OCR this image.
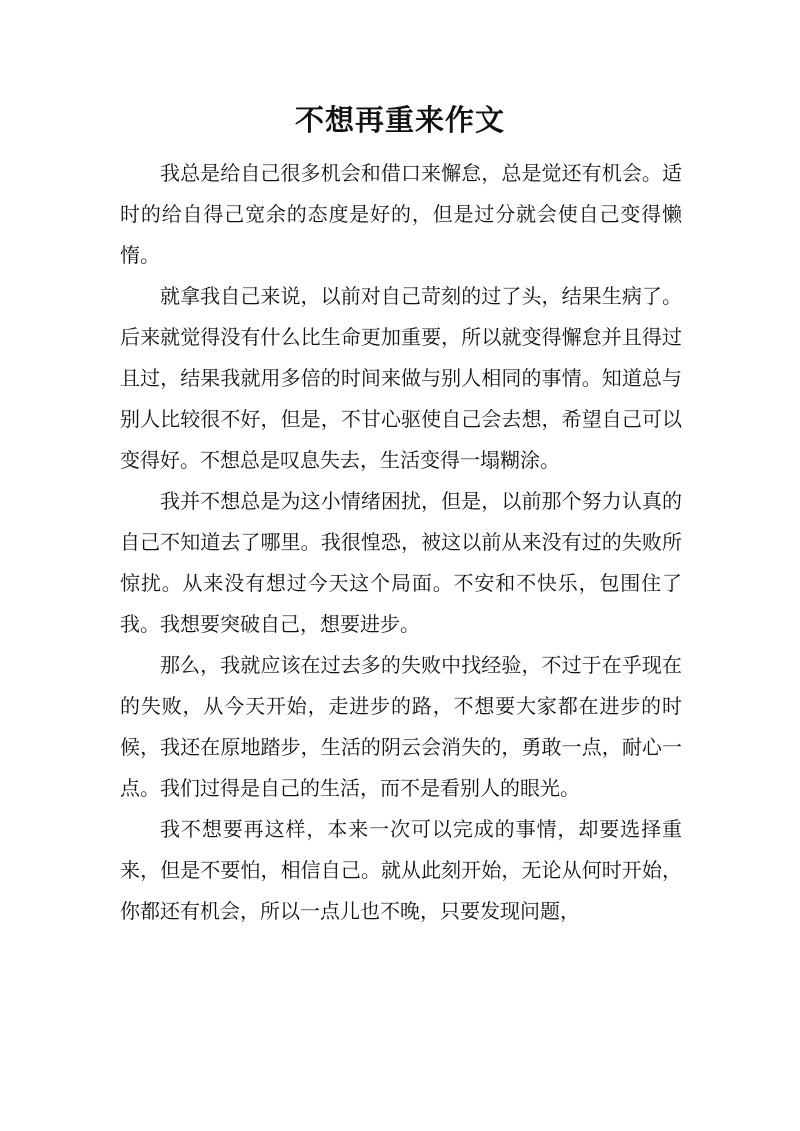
不想再重来作文

我总是给自己很多机会和借口来懈怠，总是觉还有机会。适时的给自得己宽余的态度是好的，但是过分就会使自己变得懒惰。

就拿我自己来说，以前对自己苛刻的过了头，结果生病了。后来就觉得没有什么比生命更加重要，所以就变得懈怠并且得过且过，结果我就用多倍的时间来做与别人相同的事情。知道总与别人比较很不好，但是，不甘心驱使自己会去想，希望自己可以变得好。不想总是叹息失去，生活变得一塌糊涂。

我并不想总是为这小情绪困扰，但是，以前那个努力认真的自己不知道去了哪里。我很惶恐，被这以前从来没有过的失败所惊扰。从来没有想过今天这个局面。不安和不快乐，包围住了我。我想要突破自己，想要进步。

那么，我就应该在过去多的失败中找经验，不过于在乎现在的失败，从今天开始，走进步的路，不想要大家都在进步的时候，我还在原地踏步，生活的阴云会消失的，勇敢一点，耐心一点。我们过得是自己的生活，而不是看别人的眼光。

我不想要再这样，本来一次可以完成的事情，却要选择重来，但是不要怕，相信自己。就从此刻开始，无论从何时开始，你都还有机会，所以一点儿也不晚，只要发现问题，
